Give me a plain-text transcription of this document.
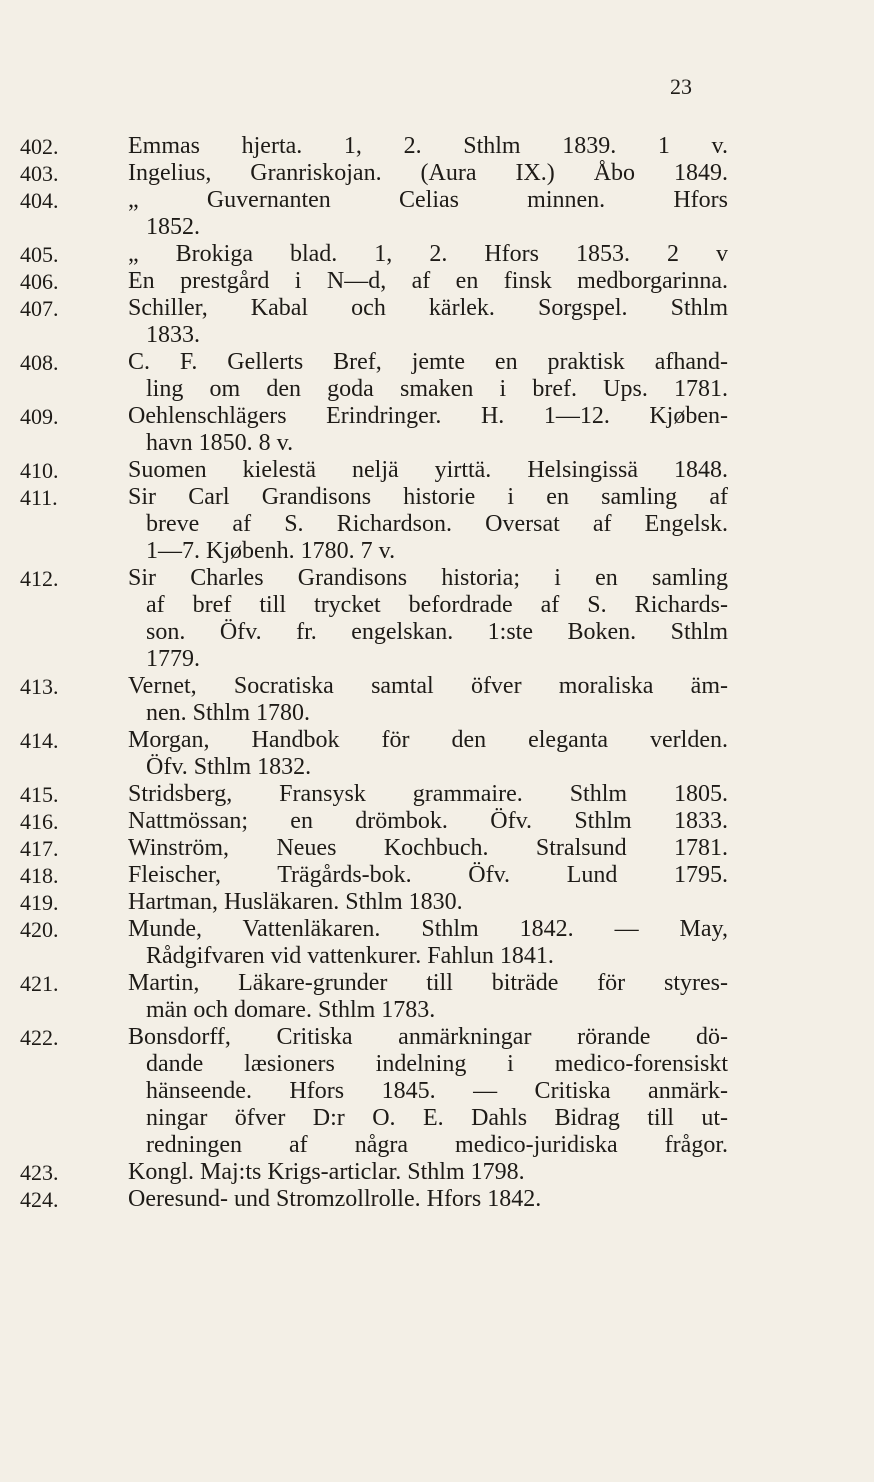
23
402.	Emmas hjerta. 1, 2. Sthlm 1839. 1 v.
403.	Ingelius, Granriskojan. (Aura IX.) Åbo 1849.
404.	„ Guvernanten Celias minnen. Hfors
1852.
405.	„ Brokiga blad. 1, 2. Hfors 1853. 2 v
406.	En prestgård i N—d, af en finsk medborgarinna.
407.	Schiller, Kabal och kärlek. Sorgspel. Sthlm
1833.
408.	C. F. Gellerts Bref, jemte en praktisk afhand-
ling om den goda smaken i bref. Ups. 1781.
409.	Oehlenschlägers Erindringer. H. 1—12. Kjøben-
havn 1850. 8 v.
410.	Suomen kielestä neljä yirttä. Helsingissä 1848.
411.	Sir Carl Grandisons historie i en samling af
breve af S. Richardson. Oversat af Engelsk.
1—7. Kjøbenh. 1780. 7 v.
412.	Sir Charles Grandisons historia; i en samling
af bref till trycket befordrade af S. Richards-
son. Öfv. fr. engelskan. 1:ste Boken. Sthlm
1779.
413.	Vernet, Socratiska samtal öfver moraliska äm-
nen. Sthlm 1780.
414.	Morgan, Handbok för den eleganta verlden.
Öfv. Sthlm 1832.
415.	Stridsberg, Fransysk grammaire. Sthlm 1805.
416.	Nattmössan; en drömbok. Öfv. Sthlm 1833.
417.	Winström, Neues Kochbuch. Stralsund 1781.
418.	Fleischer, Trägårds-bok. Öfv. Lund 1795.
419.	Hartman, Husläkaren. Sthlm 1830.
420.	Munde, Vattenläkaren. Sthlm 1842. — May,
Rådgifvaren vid vattenkurer. Fahlun 1841.
421.	Martin, Läkare-grunder till biträde för styres-
män och domare. Sthlm 1783.
422.	Bonsdorff, Critiska anmärkningar rörande dö-
dande læsioners indelning i medico-forensiskt
hänseende. Hfors 1845. — Critiska anmärk-
ningar öfver D:r O. E. Dahls Bidrag till ut-
redningen af några medico-juridiska frågor.
423.	Kongl. Maj:ts Krigs-articlar. Sthlm 1798.
424.	Oeresund- und Stromzollrolle. Hfors 1842.
